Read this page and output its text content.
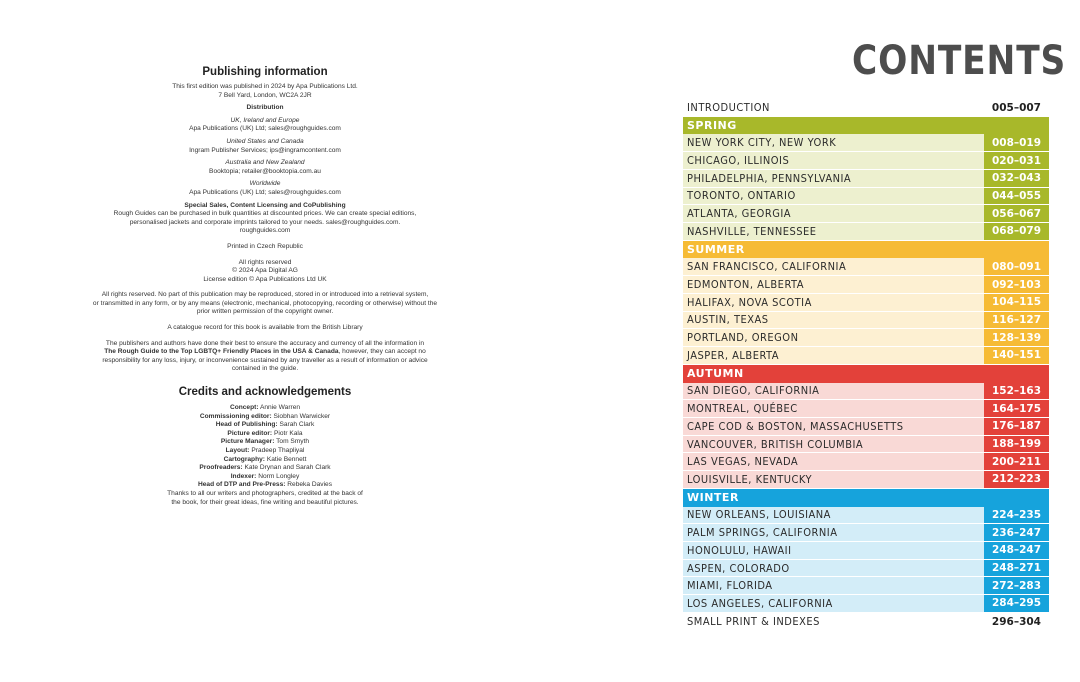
Publishing information
This first edition was published in 2024 by Apa Publications Ltd.
7 Bell Yard, London, WC2A 2JR
Distribution
UK, Ireland and Europe
Apa Publications (UK) Ltd; sales@roughguides.com
United States and Canada
Ingram Publisher Services; ips@ingramcontent.com
Australia and New Zealand
Booktopia; retailer@booktopia.com.au
Worldwide
Apa Publications (UK) Ltd; sales@roughguides.com
Special Sales, Content Licensing and CoPublishing
Rough Guides can be purchased in bulk quantities at discounted prices. We can create special editions,
personalised jackets and corporate imprints tailored to your needs. sales@roughguides.com.
roughguides.com
Printed in Czech Republic
All rights reserved
© 2024 Apa Digital AG
License edition © Apa Publications Ltd UK
All rights reserved. No part of this publication may be reproduced, stored in or introduced into a retrieval system,
or transmitted in any form, or by any means (electronic, mechanical, photocopying, recording or otherwise) without the
prior written permission of the copyright owner.
A catalogue record for this book is available from the British Library
The publishers and authors have done their best to ensure the accuracy and currency of all the information in
The Rough Guide to the Top LGBTQ+ Friendly Places in the USA & Canada, however, they can accept no
responsibility for any loss, injury, or inconvenience sustained by any traveller as a result of information or advice
contained in the guide.
Credits and acknowledgements
Concept: Annie Warren
Commissioning editor: Siobhan Warwicker
Head of Publishing: Sarah Clark
Picture editor: Piotr Kala
Picture Manager: Tom Smyth
Layout: Pradeep Thapliyal
Cartography: Katie Bennett
Proofreaders: Kate Drynan and Sarah Clark
Indexer: Norm Longley
Head of DTP and Pre-Press: Rebeka Davies
Thanks to all our writers and photographers, credited at the back of
the book, for their great ideas, fine writing and beautiful pictures.
CONTENTS
INTRODUCTION	005–007
SPRING
NEW YORK CITY, NEW YORK	008–019
CHICAGO, ILLINOIS	020–031
PHILADELPHIA, PENNSYLVANIA	032–043
TORONTO, ONTARIO	044–055
ATLANTA, GEORGIA	056–067
NASHVILLE, TENNESSEE	068–079
SUMMER
SAN FRANCISCO, CALIFORNIA	080–091
EDMONTON, ALBERTA	092–103
HALIFAX, NOVA SCOTIA	104–115
AUSTIN, TEXAS	116–127
PORTLAND, OREGON	128–139
JASPER, ALBERTA	140–151
AUTUMN
SAN DIEGO, CALIFORNIA	152–163
MONTREAL, QUÉBEC	164–175
CAPE COD & BOSTON, MASSACHUSETTS	176–187
VANCOUVER, BRITISH COLUMBIA	188–199
LAS VEGAS, NEVADA	200–211
LOUISVILLE, KENTUCKY	212–223
WINTER
NEW ORLEANS, LOUISIANA	224–235
PALM SPRINGS, CALIFORNIA	236–247
HONOLULU, HAWAII	248–247
ASPEN, COLORADO	248–271
MIAMI, FLORIDA	272–283
LOS ANGELES, CALIFORNIA	284–295
SMALL PRINT & INDEXES	296–304
